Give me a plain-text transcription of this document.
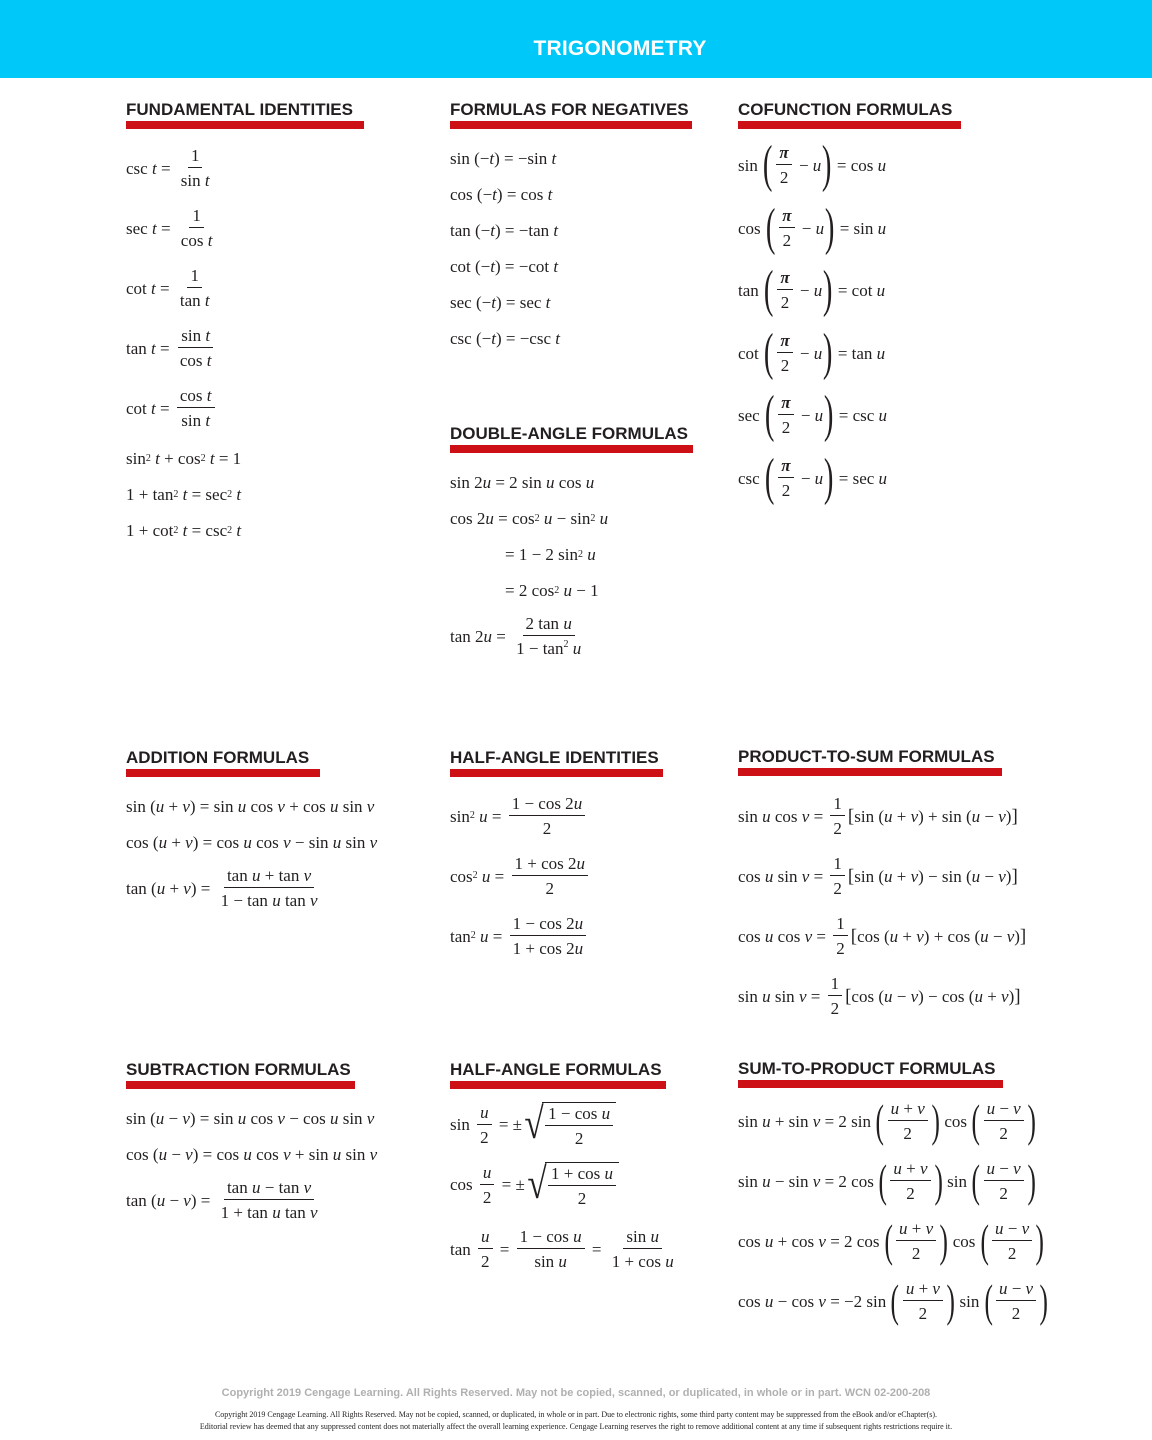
TRIGONOMETRY
FUNDAMENTAL IDENTITIES	FORMULAS FOR NEGATIVES	COFUNCTION FORMULAS
DOUBLE-ANGLE FORMULAS
ADDITION FORMULAS	HALF-ANGLE IDENTITIES	PRODUCT-TO-SUM FORMULAS
SUBTRACTION FORMULAS	HALF-ANGLE FORMULAS	SUM-TO-PRODUCT FORMULAS
$\csc t = \frac{1}{\text{sin t}}$
$\sec t = \frac{1}{\text{cos t}}$
$\cot t = \frac{1}{\text{tan t}}$
$\tan t = \frac{\text{sin t}}{\text{cos t}}$
$\cot t = \frac{\text{cos t}}{\text{sin t}}$
sin 2
t + cos 2
t = 1
1 + tan 2
t = sec 2
t
1 + cot 2
t = csc 2
t
sin (− t ) = −sin t
cos (− t ) = cos t
tan (− t ) = −tan t
cot (− t ) = −cot t
sec (− t ) = sec t
csc (− t ) = −csc t
sin ( $\frac{\pi}{2} - u$ ) = cos u
cos ( $\frac{\pi}{2} - u$ ) = sin u
tan ( $\frac{\pi}{2} - u$ ) = cot u
cot ( $\frac{\pi}{2} - u$ ) = tan u
sec ( $\frac{\pi}{2} - u$ ) = csc u
csc ( $\frac{\pi}{2} - u$ ) = sec u
sin 2 u = 2 sin u cos u
cos 2 u = cos 2
u − sin 2
u
= 1 − 2 sin 2
u
= 2 cos 2
u − 1
tan 2 $u = \frac{\text{2 tan u}}{1 - \tan^2 u}$
sin ( u + v ) = sin u cos v + cos u sin v
cos ( u + v ) = cos u cos v − sin u sin v
tan ( u + v ) = $\frac{\text{tan u + tan v}}{\text{1 − tan u tan v}}$
sin 2
$u = \frac{1 - \cos 2u}{2}$
cos 2
$u = \frac{1 + \cos 2u}{2}$
tan 2
$u = \frac{1 - \cos 2u}{1 + \cos 2u}$
sin u $\cos v = \frac{1}{2}$ [ sin ( u + v ) + sin ( u − v ) ]
cos u $\sin v = \frac{1}{2}$ [ sin ( u + v ) − sin ( u − v ) ]
cos u $\cos v = \frac{1}{2}$ [ cos ( u + v ) + cos ( u − v ) ]
sin u $\sin v = \frac{1}{2}$ [ cos ( u − v ) − cos ( u + v ) ]
sin ( u − v ) = sin u cos v − cos u sin v
cos ( u − v ) = cos u cos v + sin u sin v
tan ( u − v ) = $\frac{\text{tan u − tan v}}{\text{1 + tan u tan v}}$
$\sin \frac{u}{2}$ = ± √ $\frac{\text{1 − cos u}}{2}$
$\cos \frac{u}{2}$ = ± √ $\frac{\text{1 + cos u}}{2}$
$\tan \frac{u}{2} = \frac{\text{1 − cos u}}{\text{sin u}} = \frac{\text{sin u}}{\text{1 + cos u}}$
sin u + sin v = 2 sin ( $\frac{u + v}{2}$ ) cos ( $\frac{u - v}{2}$ )
sin u − sin v = 2 cos ( $\frac{u + v}{2}$ ) sin ( $\frac{u - v}{2}$ )
cos u + cos v = 2 cos ( $\frac{u + v}{2}$ ) cos ( $\frac{u - v}{2}$ )
cos u − cos v = −2 sin ( $\frac{u + v}{2}$ ) sin ( $\frac{u - v}{2}$ )
Copyright 2019 Cengage Learning. All Rights Reserved. May not be copied, scanned, or duplicated, in whole or in part. WCN 02-200-208
Copyright 2019 Cengage Learning. All Rights Reserved. May not be copied, scanned, or duplicated, in whole or in part. Due to electronic rights, some third party content may be suppressed from the eBook and/or eChapter(s).
Editorial review has deemed that any suppressed content does not materially affect the overall learning experience. Cengage Learning reserves the right to remove additional content at any time if subsequent rights restrictions require it.
